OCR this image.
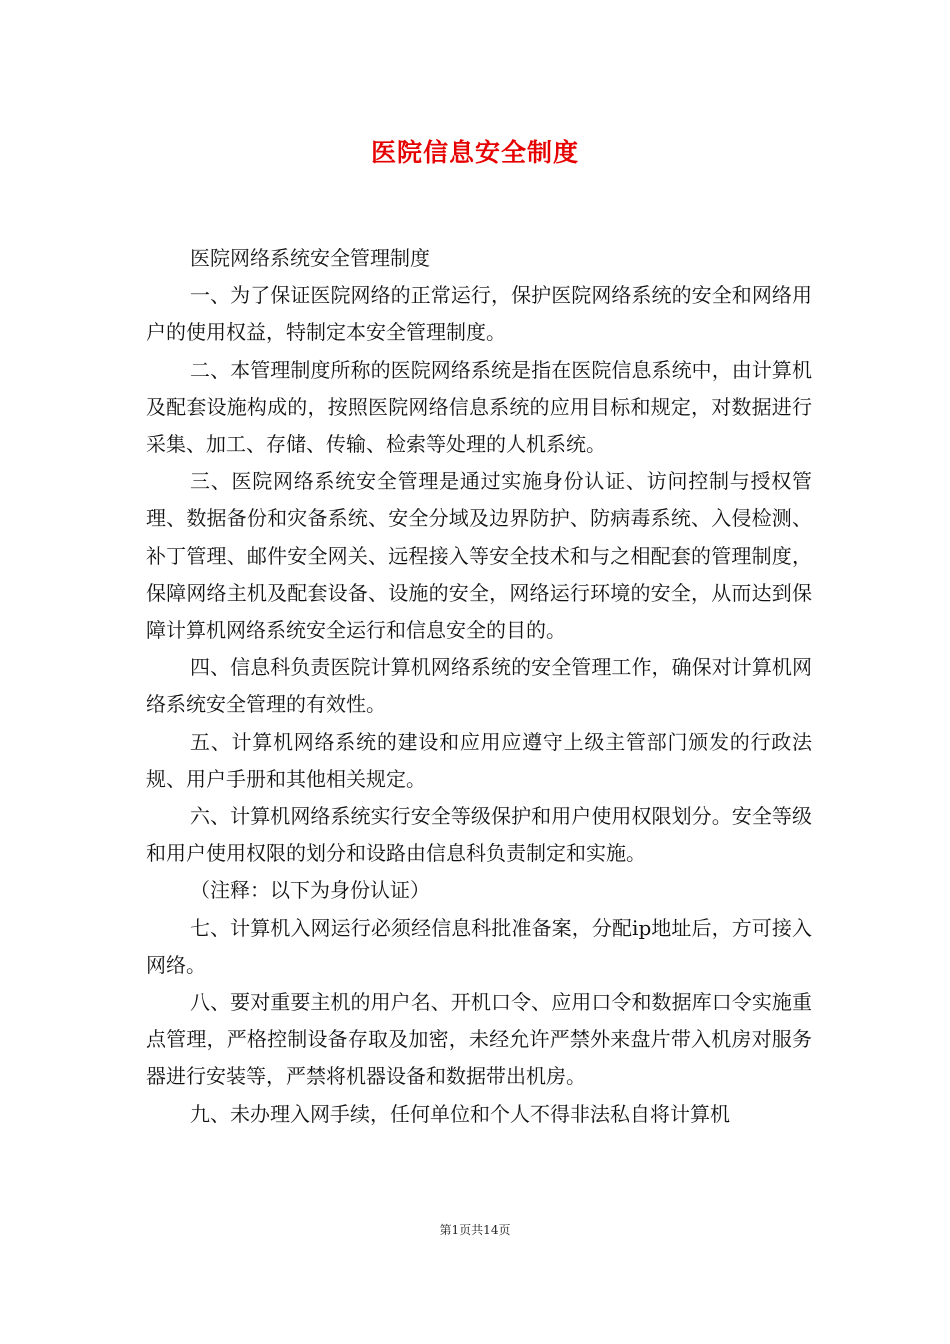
医院信息安全制度

医院网络系统安全管理制度

一、为了保证医院网络的正常运行，保护医院网络系统的安全和网络用户的使用权益，特制定本安全管理制度。

二、本管理制度所称的医院网络系统是指在医院信息系统中，由计算机及配套设施构成的，按照医院网络信息系统的应用目标和规定，对数据进行采集、加工、存储、传输、检索等处理的人机系统。

三、医院网络系统安全管理是通过实施身份认证、访问控制与授权管理、数据备份和灾备系统、安全分域及边界防护、防病毒系统、入侵检测、补丁管理、邮件安全网关、远程接入等安全技术和与之相配套的管理制度，保障网络主机及配套设备、设施的安全，网络运行环境的安全，从而达到保障计算机网络系统安全运行和信息安全的目的。

四、信息科负责医院计算机网络系统的安全管理工作，确保对计算机网络系统安全管理的有效性。

五、计算机网络系统的建设和应用应遵守上级主管部门颁发的行政法规、用户手册和其他相关规定。

六、计算机网络系统实行安全等级保护和用户使用权限划分。安全等级和用户使用权限的划分和设路由信息科负责制定和实施。

（注释：以下为身份认证）

七、计算机入网运行必须经信息科批准备案，分配ip地址后，方可接入网络。

八、要对重要主机的用户名、开机口令、应用口令和数据库口令实施重点管理，严格控制设备存取及加密，未经允许严禁外来盘片带入机房对服务器进行安装等，严禁将机器设备和数据带出机房。

九、未办理入网手续，任何单位和个人不得非法私自将计算机

第1页共14页
